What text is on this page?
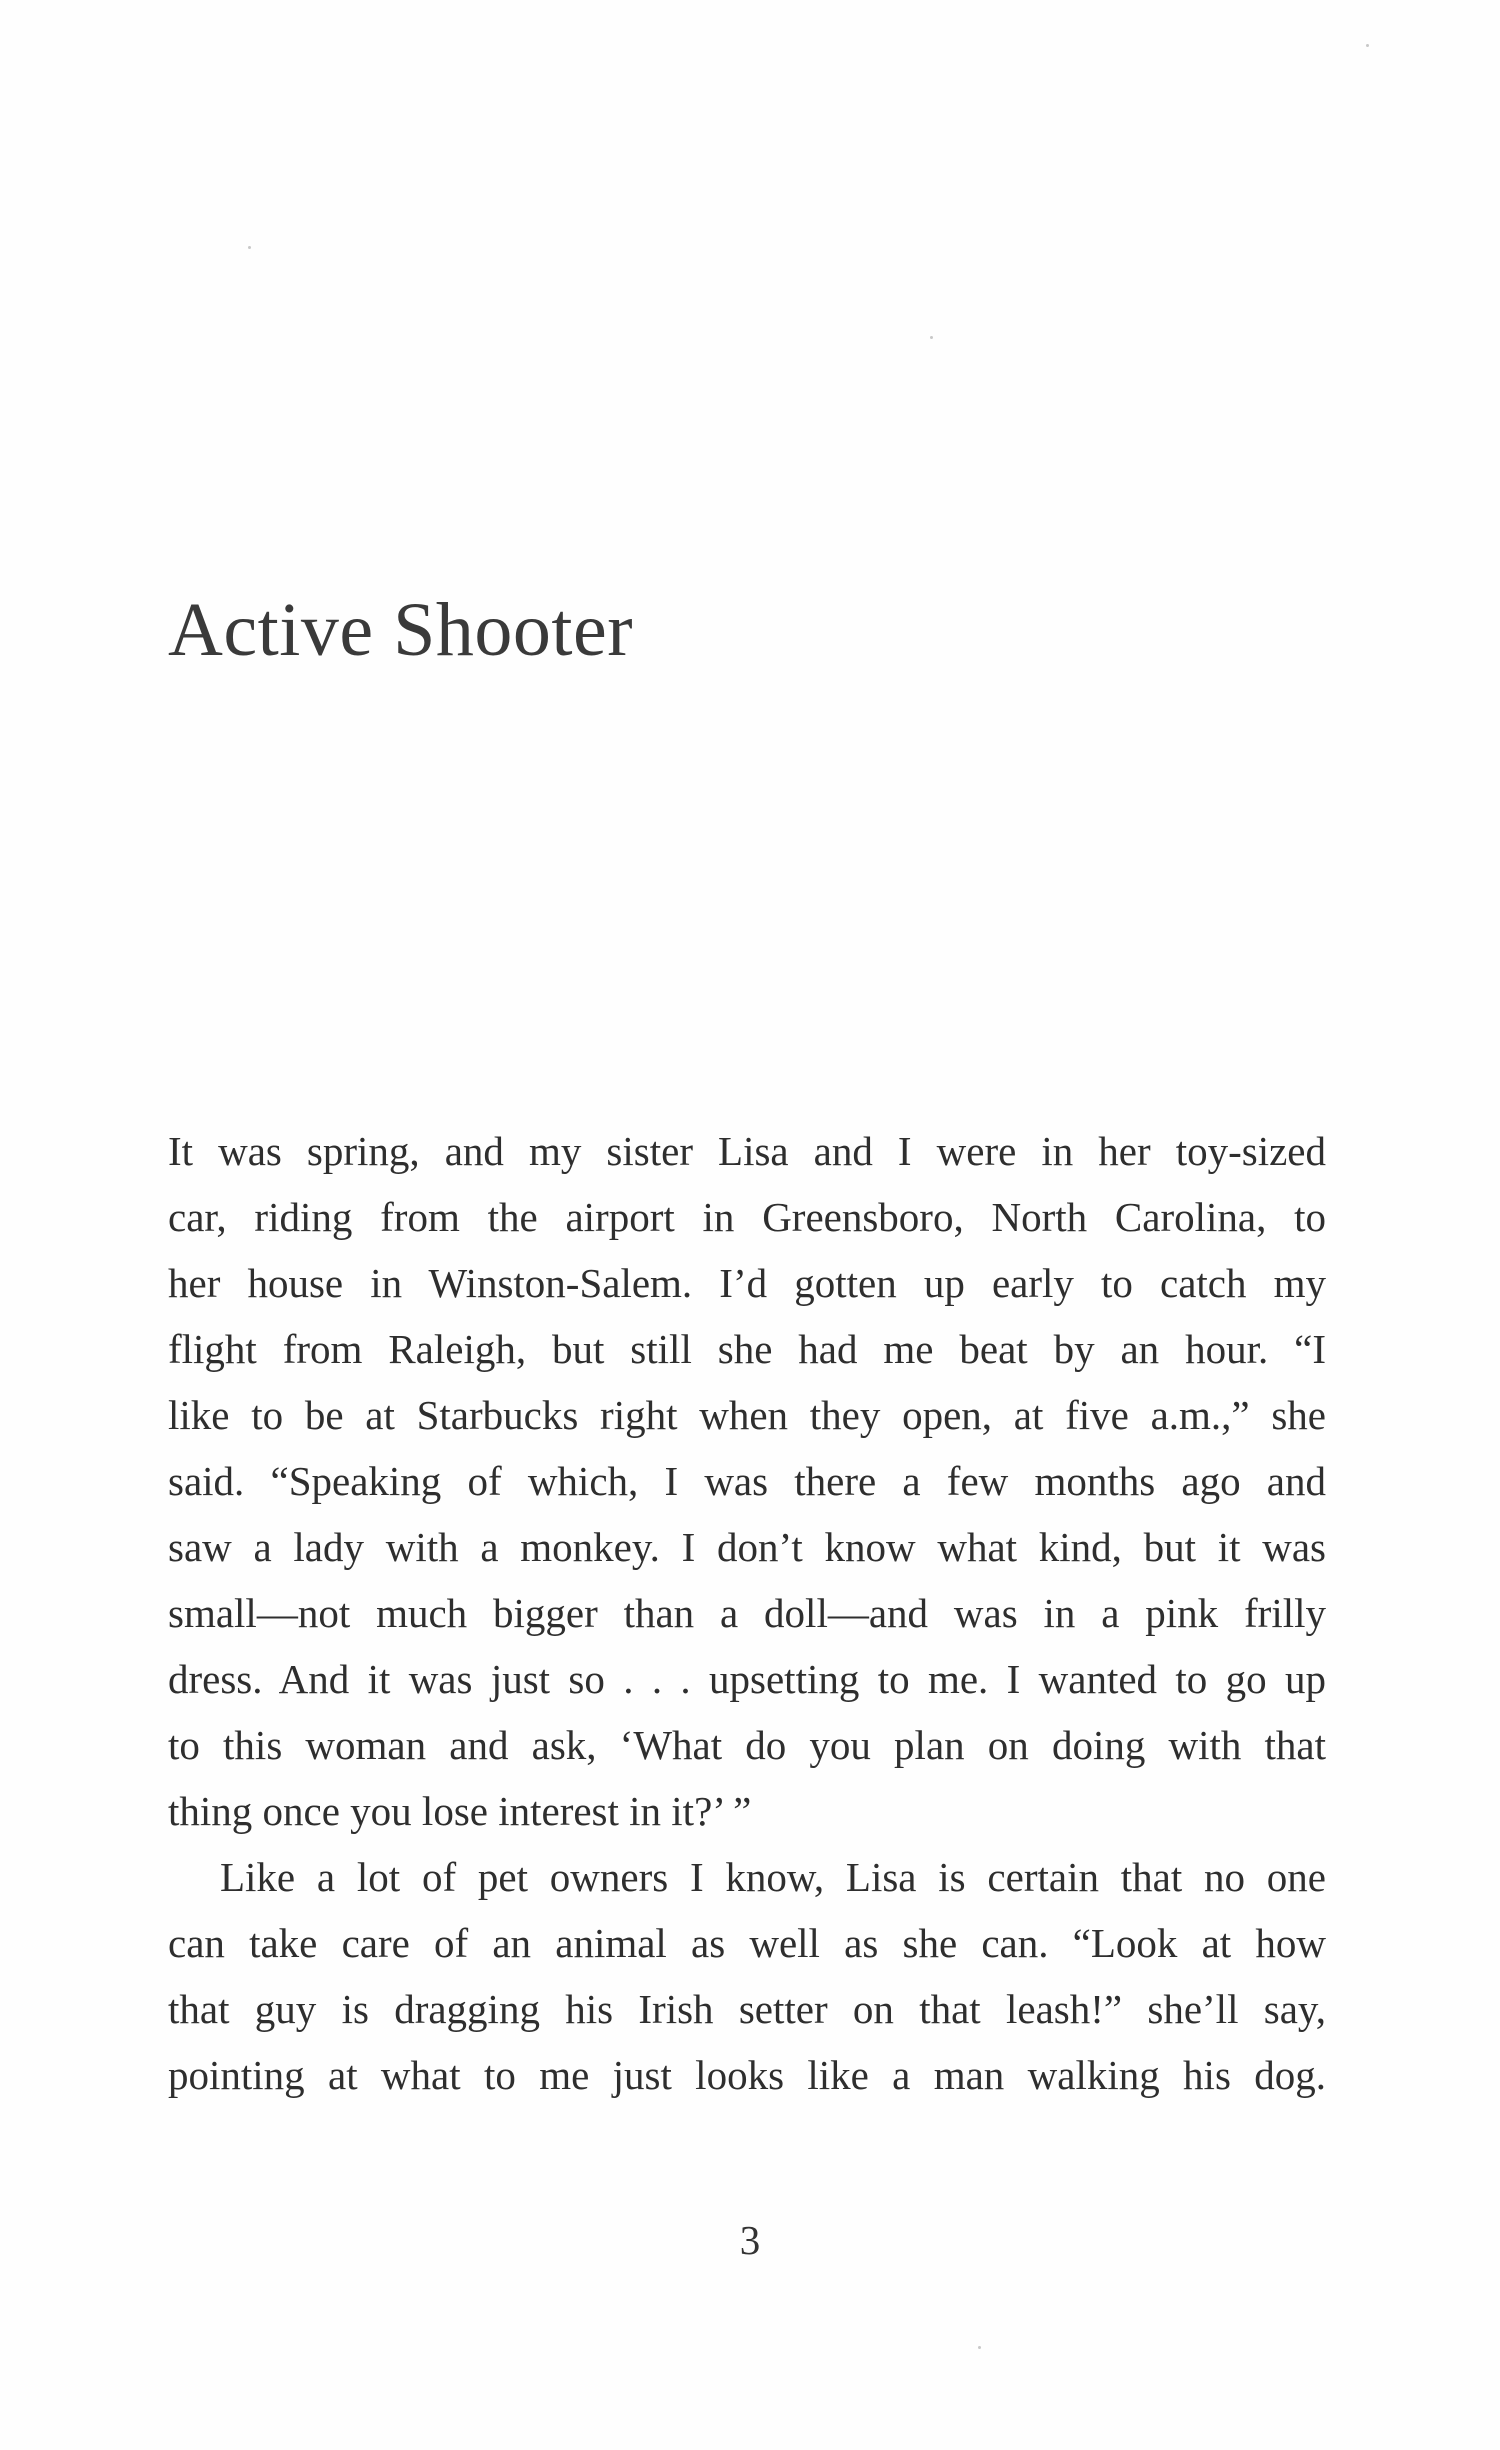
Active Shooter
It was spring, and my sister Lisa and I were in her toy-sized
car, riding from the airport in Greensboro, North Carolina, to
her house in Winston-Salem. I’d gotten up early to catch my
flight from Raleigh, but still she had me beat by an hour. “I
like to be at Starbucks right when they open, at five a.m.,” she
said. “Speaking of which, I was there a few months ago and
saw a lady with a monkey. I don’t know what kind, but it was
small—not much bigger than a doll—and was in a pink frilly
dress. And it was just so . . . upsetting to me. I wanted to go up
to this woman and ask, ‘What do you plan on doing with that
thing once you lose interest in it?’ ”
Like a lot of pet owners I know, Lisa is certain that no one
can take care of an animal as well as she can. “Look at how
that guy is dragging his Irish setter on that leash!” she’ll say,
pointing at what to me just looks like a man walking his dog.
3
